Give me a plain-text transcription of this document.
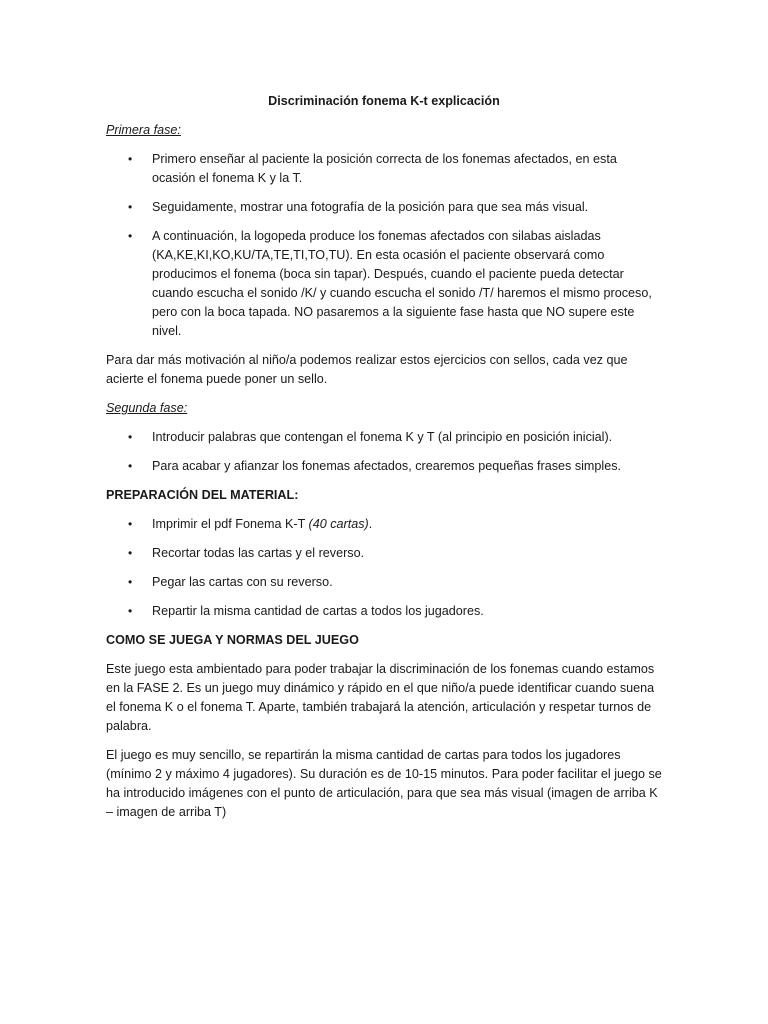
Discriminación fonema K-t explicación
Primera fase:
• Primero enseñar al paciente la posición correcta de los fonemas afectados, en esta ocasión el fonema K y la T.
• Seguidamente, mostrar una fotografía de la posición para que sea más visual.
• A continuación, la logopeda produce los fonemas afectados con silabas aisladas (KA,KE,KI,KO,KU/TA,TE,TI,TO,TU). En esta ocasión el paciente observará como producimos el fonema (boca sin tapar). Después, cuando el paciente pueda detectar cuando escucha el sonido /K/ y cuando escucha el sonido /T/ haremos el mismo proceso, pero con la boca tapada. NO pasaremos a la siguiente fase hasta que NO supere este nivel.

Para dar más motivación al niño/a podemos realizar estos ejercicios con sellos, cada vez que acierte el fonema puede poner un sello.

Segunda fase:
• Introducir palabras que contengan el fonema K y T (al principio en posición inicial).
• Para acabar y afianzar los fonemas afectados, crearemos pequeñas frases simples.
PREPARACIÓN DEL MATERIAL:
• Imprimir el pdf Fonema K-T (40 cartas).
• Recortar todas las cartas y el reverso.
• Pegar las cartas con su reverso.
• Repartir la misma cantidad de cartas a todos los jugadores.
COMO SE JUEGA Y NORMAS DEL JUEGO

Este juego esta ambientado para poder trabajar la discriminación de los fonemas cuando estamos en la FASE 2. Es un juego muy dinámico y rápido en el que niño/a puede identificar cuando suena el fonema K o el fonema T. Aparte, también trabajará la atención, articulación y respetar turnos de palabra.

El juego es muy sencillo, se repartirán la misma cantidad de cartas para todos los jugadores (mínimo 2 y máximo 4 jugadores). Su duración es de 10-15 minutos. Para poder facilitar el juego se ha introducido imágenes con el punto de articulación, para que sea más visual (imagen de arriba K – imagen de arriba T)
